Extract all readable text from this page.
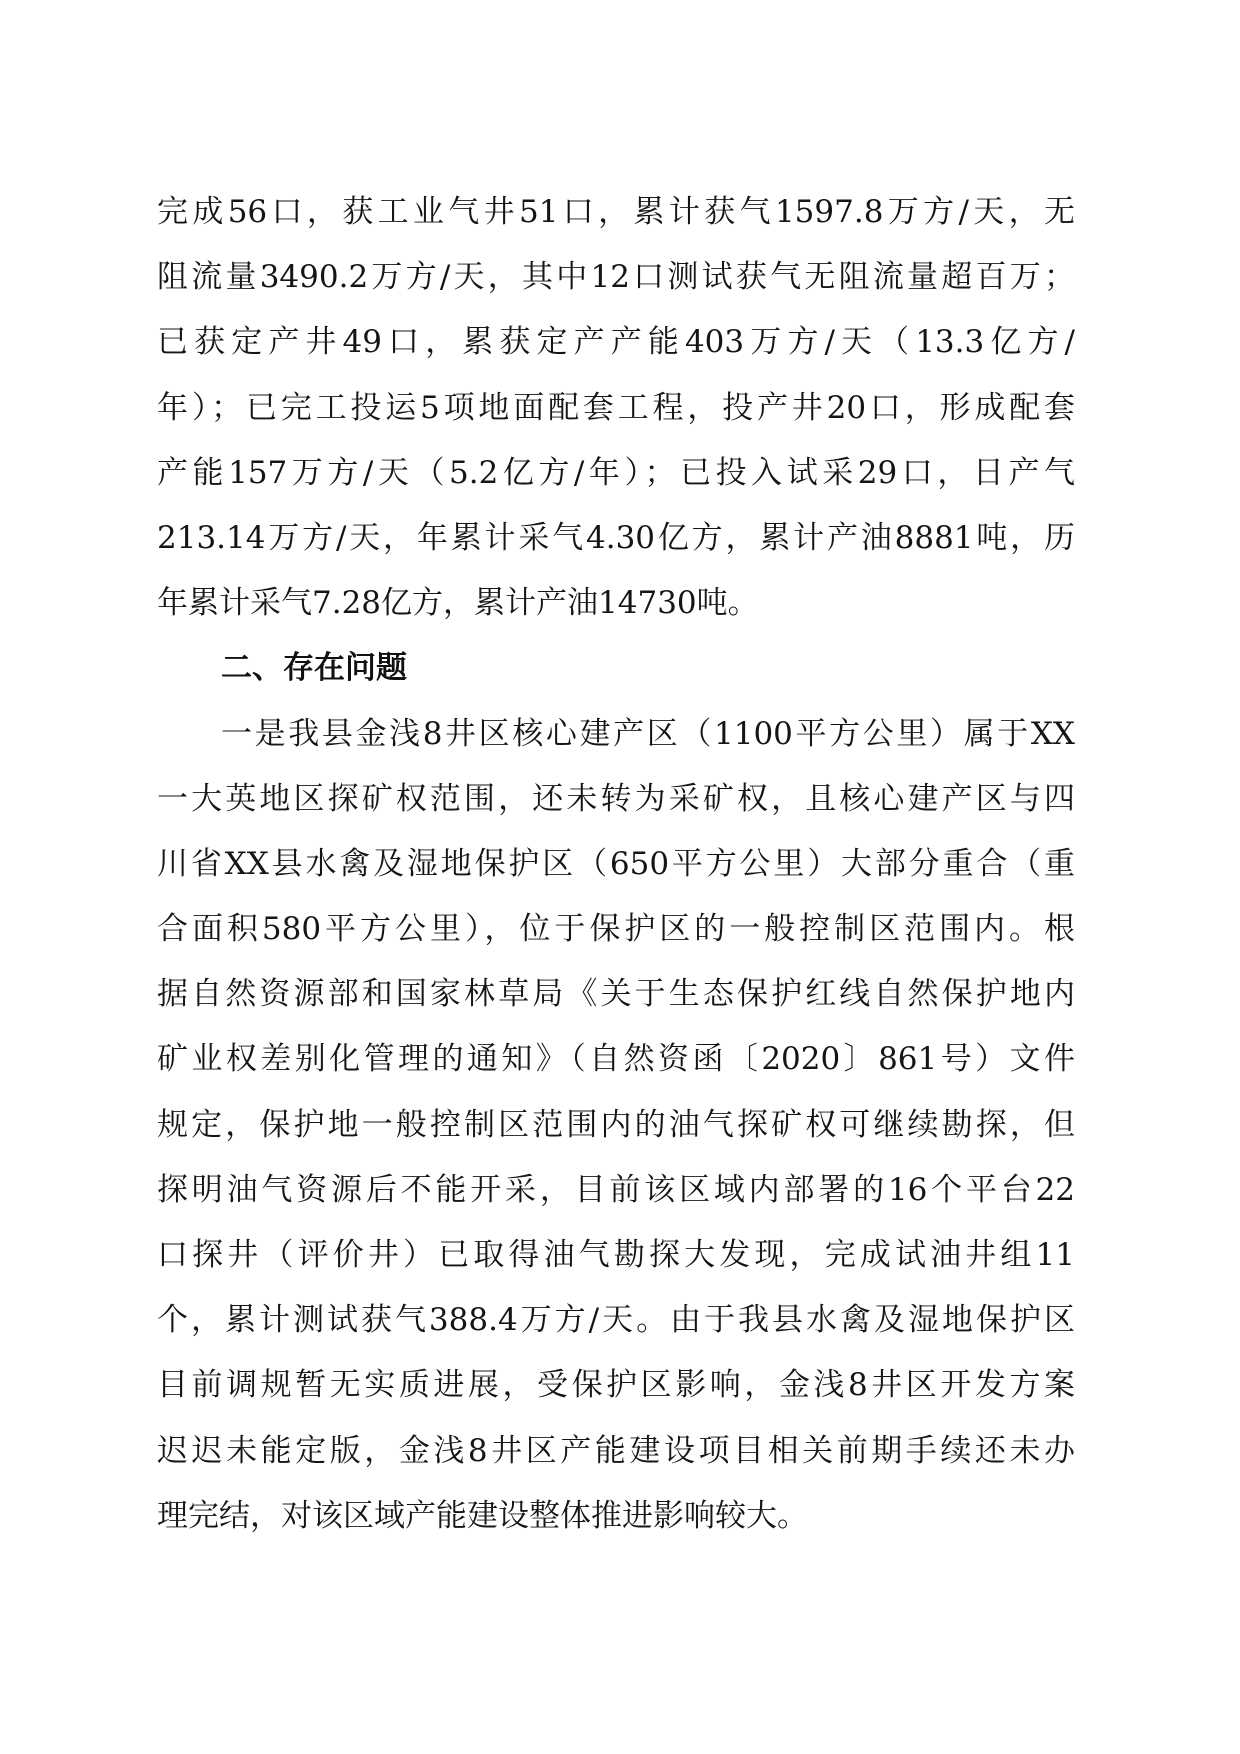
完成56口，获工业气井51口，累计获气1597.8万方/天，无
阻流量3490.2万方/天，其中12口测试获气无阻流量超百万；
已获定产井49口，累获定产产能403万方/天（13.3亿方/
年）；已完工投运5项地面配套工程，投产井20口，形成配套
产能157万方/天（5.2亿方/年）；已投入试采29口，日产气
213.14万方/天，年累计采气4.30亿方，累计产油8881吨，历
年累计采气7.28亿方，累计产油14730吨。
二、存在问题
一是我县金浅8井区核心建产区（1100平方公里）属于XX
一大英地区探矿权范围，还未转为采矿权，且核心建产区与四
川省XX县水禽及湿地保护区（650平方公里）大部分重合（重
合面积580平方公里），位于保护区的一般控制区范围内。根
据自然资源部和国家林草局《关于生态保护红线自然保护地内
矿业权差别化管理的通知》（自然资函〔2020〕861号）文件
规定，保护地一般控制区范围内的油气探矿权可继续勘探，但
探明油气资源后不能开采，目前该区域内部署的16个平台22
口探井（评价井）已取得油气勘探大发现，完成试油井组11
个，累计测试获气388.4万方/天。由于我县水禽及湿地保护区
目前调规暂无实质进展，受保护区影响，金浅8井区开发方案
迟迟未能定版，金浅8井区产能建设项目相关前期手续还未办
理完结，对该区域产能建设整体推进影响较大。
